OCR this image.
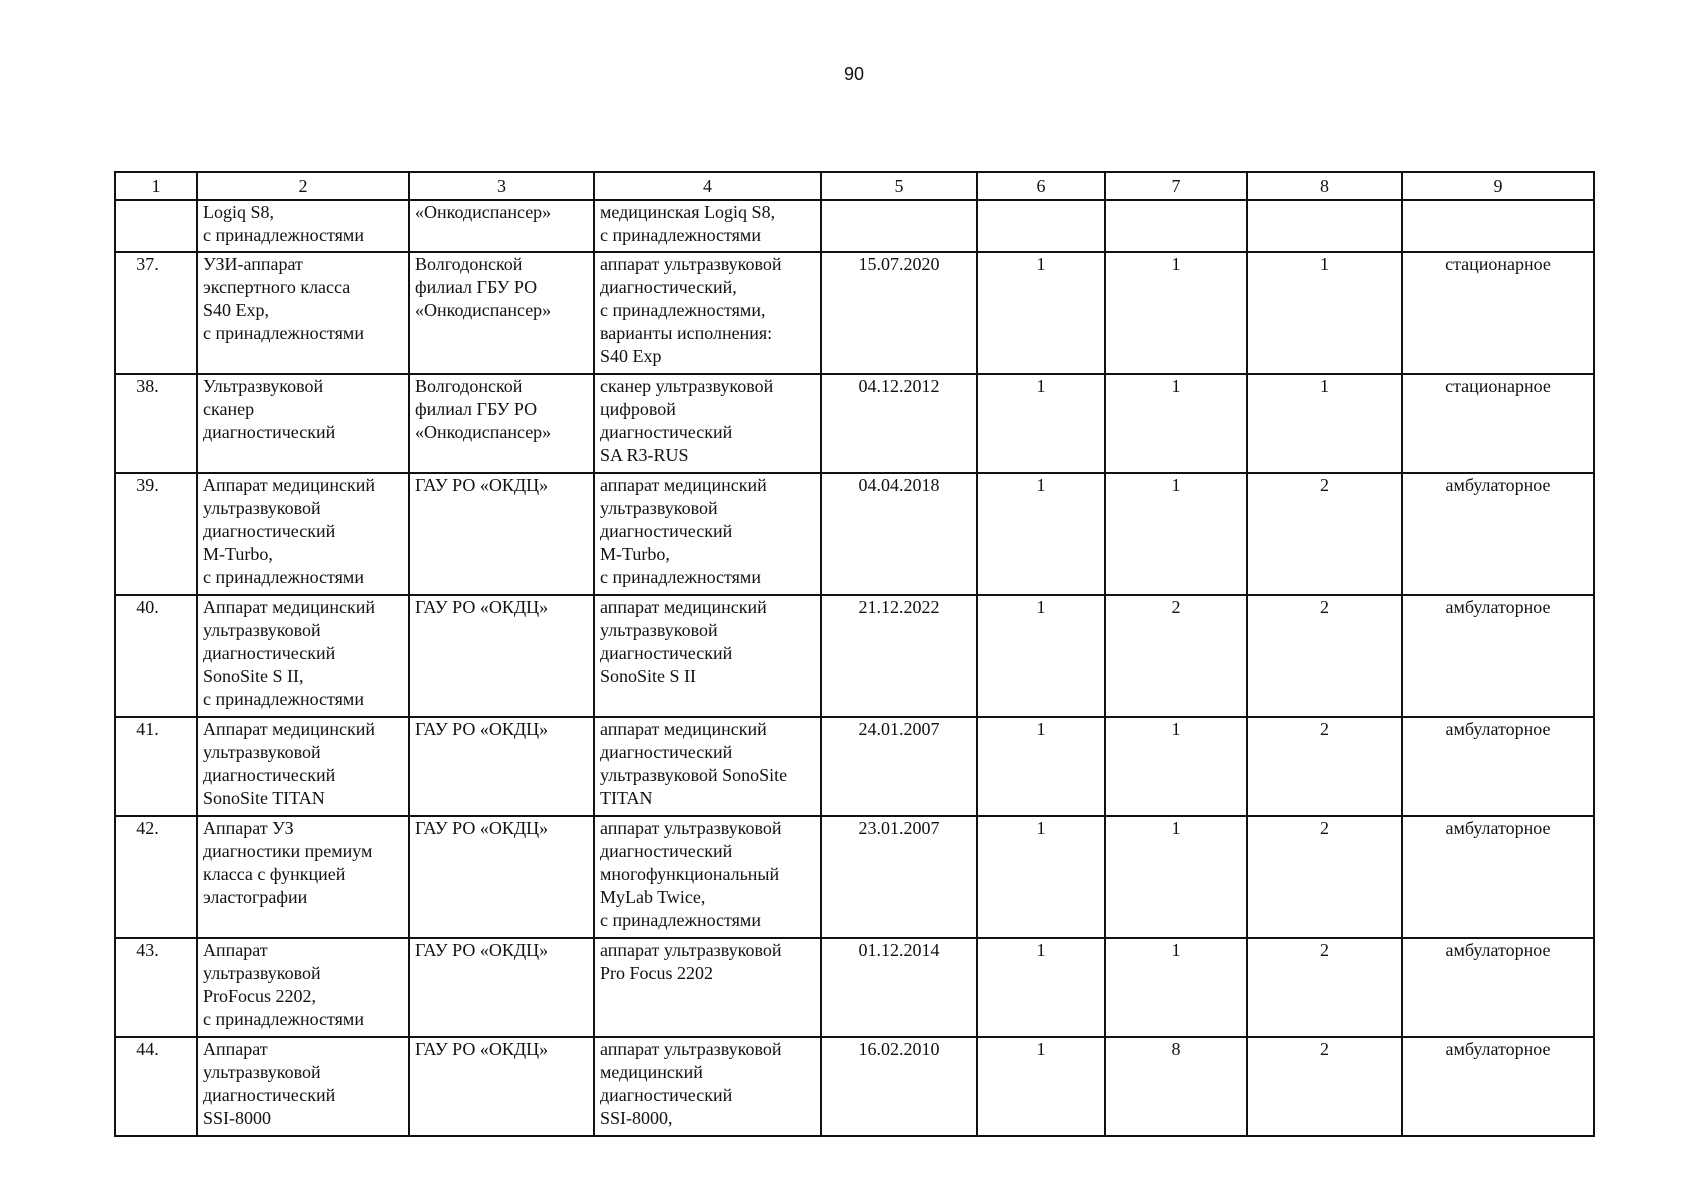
90
1	2	3	4	5	6	7	8	9
	Logiq S8,
с принадлежностями	«Онкодиспансер»	медицинская Logiq S8,
с принадлежностями					
37.	УЗИ-аппарат
экспертного класса
S40 Exp,
с принадлежностями	Волгодонской
филиал ГБУ РО
«Онкодиспансер»	аппарат ультразвуковой
диагностический,
с принадлежностями,
варианты исполнения:
S40 Exp	15.07.2020	1	1	1	стационарное
38.	Ультразвуковой
сканер
диагностический	Волгодонской
филиал ГБУ РО
«Онкодиспансер»	сканер ультразвуковой
цифровой
диагностический
SA R3-RUS	04.12.2012	1	1	1	стационарное
39.	Аппарат медицинский
ультразвуковой
диагностический
M-Turbo,
с принадлежностями	ГАУ РО «ОКДЦ»	аппарат медицинский
ультразвуковой
диагностический
M-Turbo,
с принадлежностями	04.04.2018	1	1	2	амбулаторное
40.	Аппарат медицинский
ультразвуковой
диагностический
SonoSite S II,
с принадлежностями	ГАУ РО «ОКДЦ»	аппарат медицинский
ультразвуковой
диагностический
SonoSite S II	21.12.2022	1	2	2	амбулаторное
41.	Аппарат медицинский
ультразвуковой
диагностический
SonoSite TITAN	ГАУ РО «ОКДЦ»	аппарат медицинский
диагностический
ультразвуковой SonoSite
TITAN	24.01.2007	1	1	2	амбулаторное
42.	Аппарат УЗ
диагностики премиум
класса с функцией
эластографии	ГАУ РО «ОКДЦ»	аппарат ультразвуковой
диагностический
многофункциональный
MyLab Twice,
с принадлежностями	23.01.2007	1	1	2	амбулаторное
43.	Аппарат
ультразвуковой
ProFocus 2202,
с принадлежностями	ГАУ РО «ОКДЦ»	аппарат ультразвуковой
Pro Focus 2202	01.12.2014	1	1	2	амбулаторное
44.	Аппарат
ультразвуковой
диагностический
SSI-8000	ГАУ РО «ОКДЦ»	аппарат ультразвуковой
медицинский
диагностический
SSI-8000,	16.02.2010	1	8	2	амбулаторное
